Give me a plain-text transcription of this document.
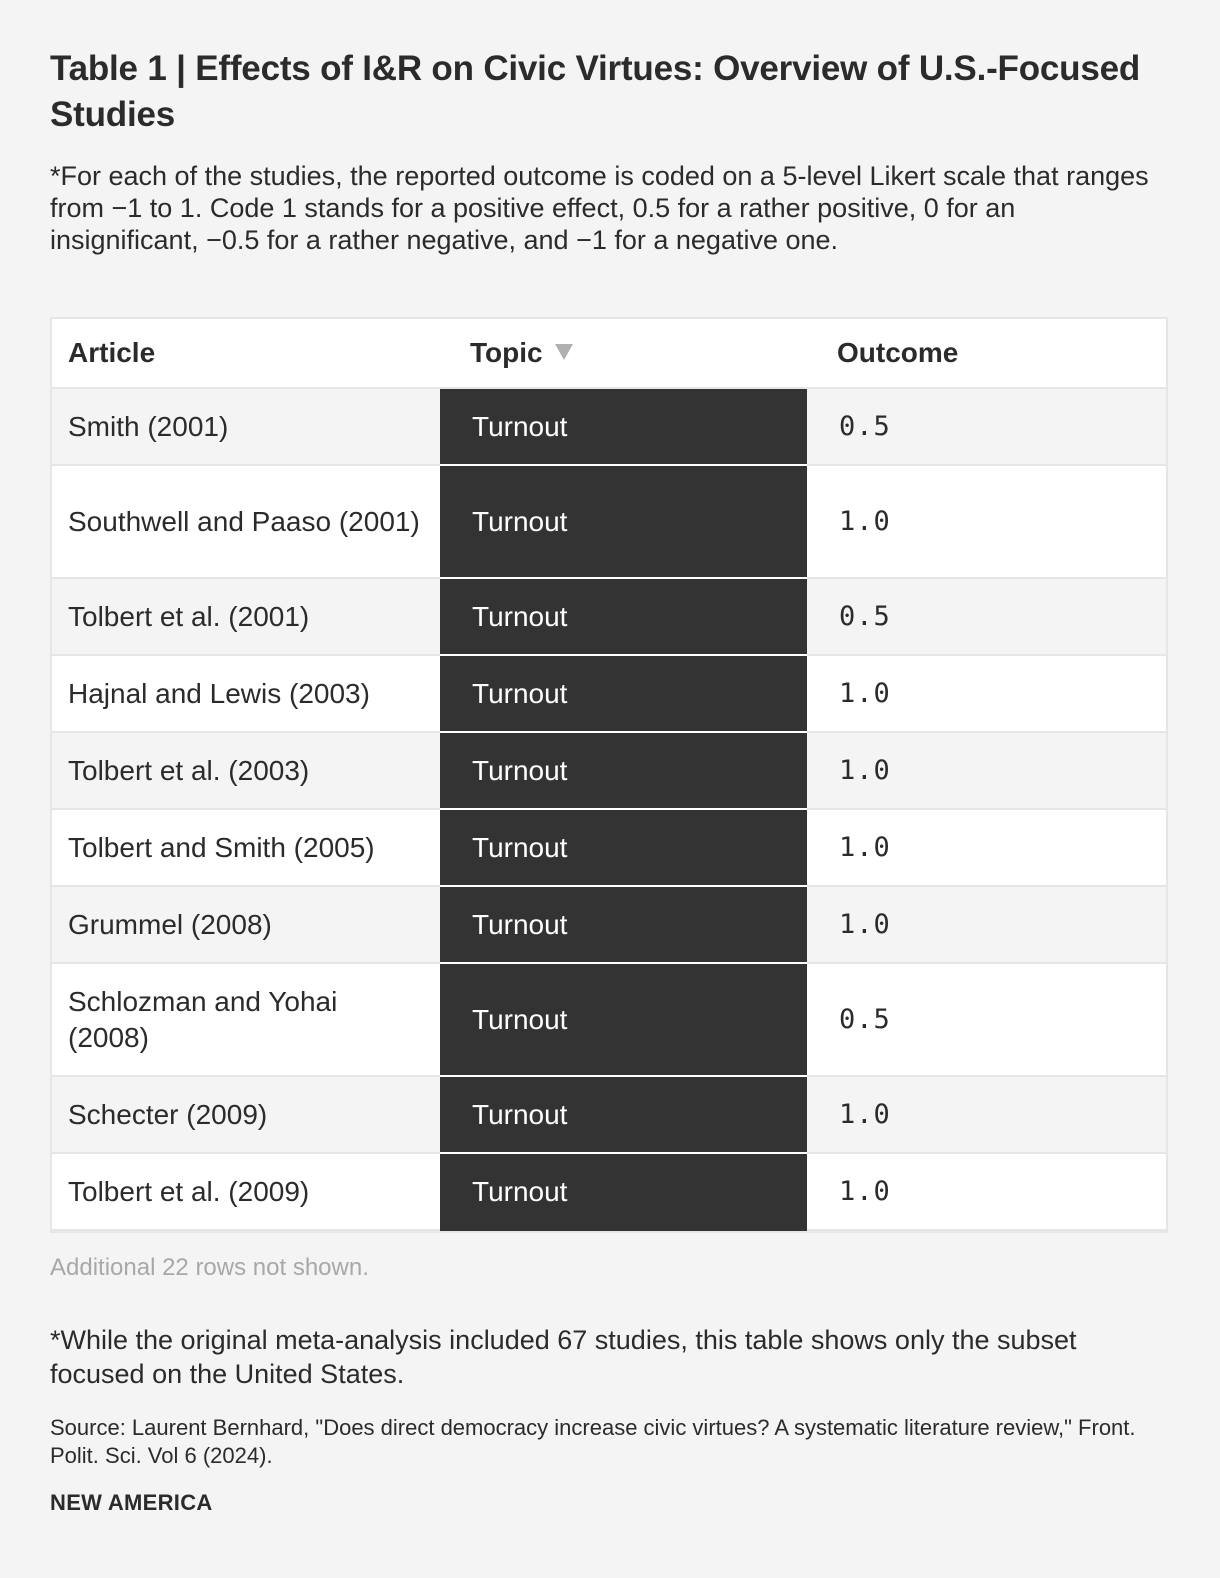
Table 1 | Effects of I&R on Civic Virtues: Overview of U.S.-Focused Studies

*For each of the studies, the reported outcome is coded on a 5-level Likert scale that ranges from −1 to 1. Code 1 stands for a positive effect, 0.5 for a rather positive, 0 for an insignificant, −0.5 for a rather negative, and −1 for a negative one.

Article	Topic	Outcome
Smith (2001)	Turnout	0.5
Southwell and Paaso (2001)	Turnout	1.0
Tolbert et al. (2001)	Turnout	0.5
Hajnal and Lewis (2003)	Turnout	1.0
Tolbert et al. (2003)	Turnout	1.0
Tolbert and Smith (2005)	Turnout	1.0
Grummel (2008)	Turnout	1.0
Schlozman and Yohai (2008)	Turnout	0.5
Schecter (2009)	Turnout	1.0
Tolbert et al. (2009)	Turnout	1.0
Additional 22 rows not shown.
*While the original meta-analysis included 67 studies, this table shows only the subset focused on the United States.
Source: Laurent Bernhard, "Does direct democracy increase civic virtues? A systematic literature review," Front. Polit. Sci. Vol 6 (2024).
NEW AMERICA
